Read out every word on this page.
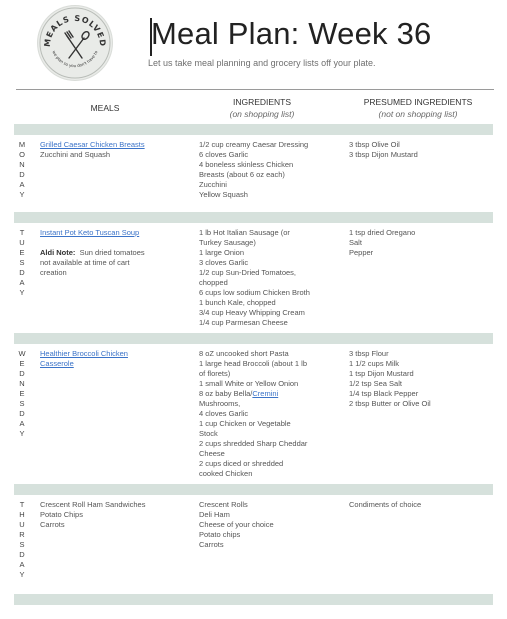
MEALS SOLVED
we plan so you don't have to
Meal Plan: Week 36
Let us take meal planning and grocery lists off your plate.
MEALS
INGREDIENTS
(on shopping list)
PRESUMED INGREDIENTS
(not on shopping list)
M
O
N
D
A
Y
Grilled Caesar Chicken Breasts
Zucchini and Squash
1/2 cup creamy Caesar Dressing
6 cloves Garlic
4 boneless skinless Chicken
Breasts (about 6 oz each)
Zucchini
Yellow Squash
3 tbsp Olive Oil
3 tbsp Dijon Mustard
T
U
E
S
D
A
Y
Instant Pot Keto Tuscan Soup
Aldi Note: Sun dried tomatoes
not available at time of cart
creation
1 lb Hot Italian Sausage (or
Turkey Sausage)
1 large Onion
3 cloves Garlic
1/2 cup Sun-Dried Tomatoes,
chopped
6 cups low sodium Chicken Broth
1 bunch Kale, chopped
3/4 cup Heavy Whipping Cream
1/4 cup Parmesan Cheese
1 tsp dried Oregano
Salt
Pepper
W
E
D
N
E
S
D
A
Y
Healthier Broccoli Chicken
Casserole
8 oZ uncooked short Pasta
1 large head Broccoli (about 1 lb
of florets)
1 small White or Yellow Onion
8 oz baby Bella/Cremini
Mushrooms,
4 cloves Garlic
1 cup Chicken or Vegetable
Stock
2 cups shredded Sharp Cheddar
Cheese
2 cups diced or shredded
cooked Chicken
3 tbsp Flour
1 1/2 cups Milk
1 tsp Dijon Mustard
1/2 tsp Sea Salt
1/4 tsp Black Pepper
2 tbsp Butter or Olive Oil
T
H
U
R
S
D
A
Y
Crescent Roll Ham Sandwiches
Potato Chips
Carrots
Crescent Rolls
Deli Ham
Cheese of your choice
Potato chips
Carrots
Condiments of choice
